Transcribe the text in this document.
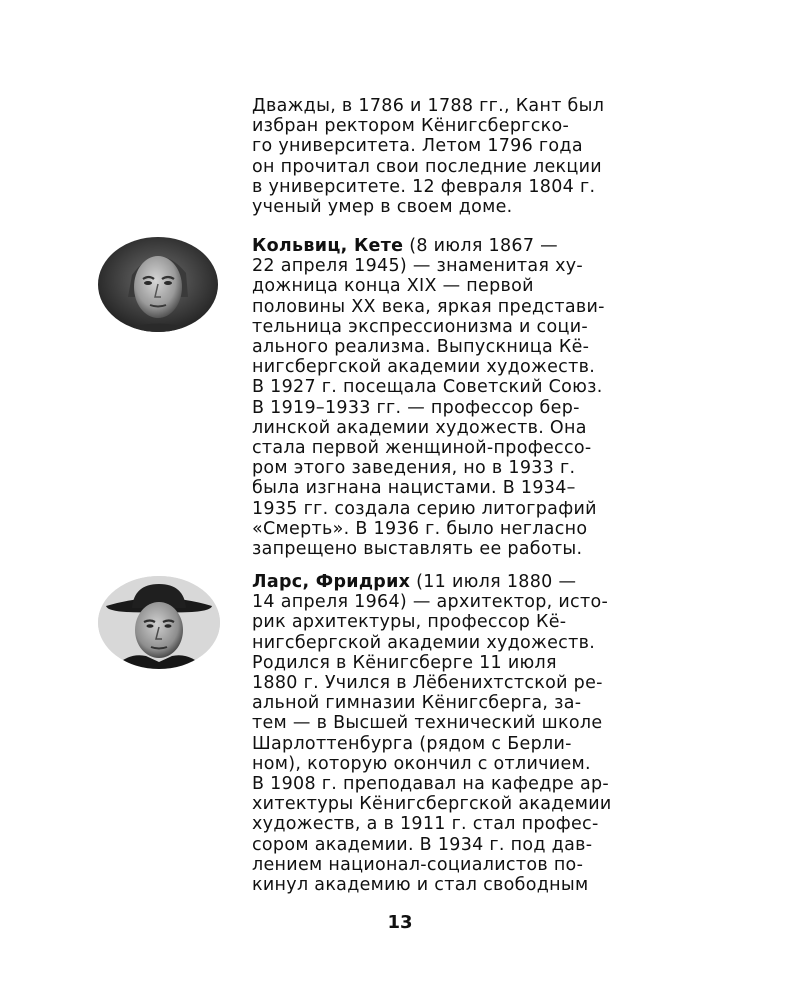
Дважды, в 1786 и 1788 гг., Кант был
избран ректором Кёнигсбергско-
го университета. Летом 1796 года
он прочитал свои последние лекции
в университете. 12 февраля 1804 г.
ученый умер в своем доме.

Кольвиц, Кете (8 июля 1867 —
22 апреля 1945) — знаменитая ху-
дожница конца XIX — первой
половины XX века, яркая представи-
тельница экспрессионизма и соци-
ального реализма. Выпускница Кё-
нигсбергской академии художеств.
В 1927 г. посещала Советский Союз.
В 1919–1933 гг. — профессор бер-
линской академии художеств. Она
стала первой женщиной-профессо-
ром этого заведения, но в 1933 г.
была изгнана нацистами. В 1934–
1935 гг. создала серию литографий
«Смерть». В 1936 г. было негласно
запрещено выставлять ее работы.

Ларс, Фридрих (11 июля 1880 —
14 апреля 1964) — архитектор, исто-
рик архитектуры, профессор Кё-
нигсбергской академии художеств.
Родился в Кёнигсберге 11 июля
1880 г. Учился в Лёбенихтстской ре-
альной гимназии Кёнигсберга, за-
тем — в Высшей технический школе
Шарлоттенбурга (рядом с Берли-
ном), которую окончил с отличием.
В 1908 г. преподавал на кафедре ар-
хитектуры Кёнигсбергской академии
художеств, а в 1911 г. стал профес-
сором академии. В 1934 г. под дав-
лением национал-социалистов по-
кинул академию и стал свободным

13
